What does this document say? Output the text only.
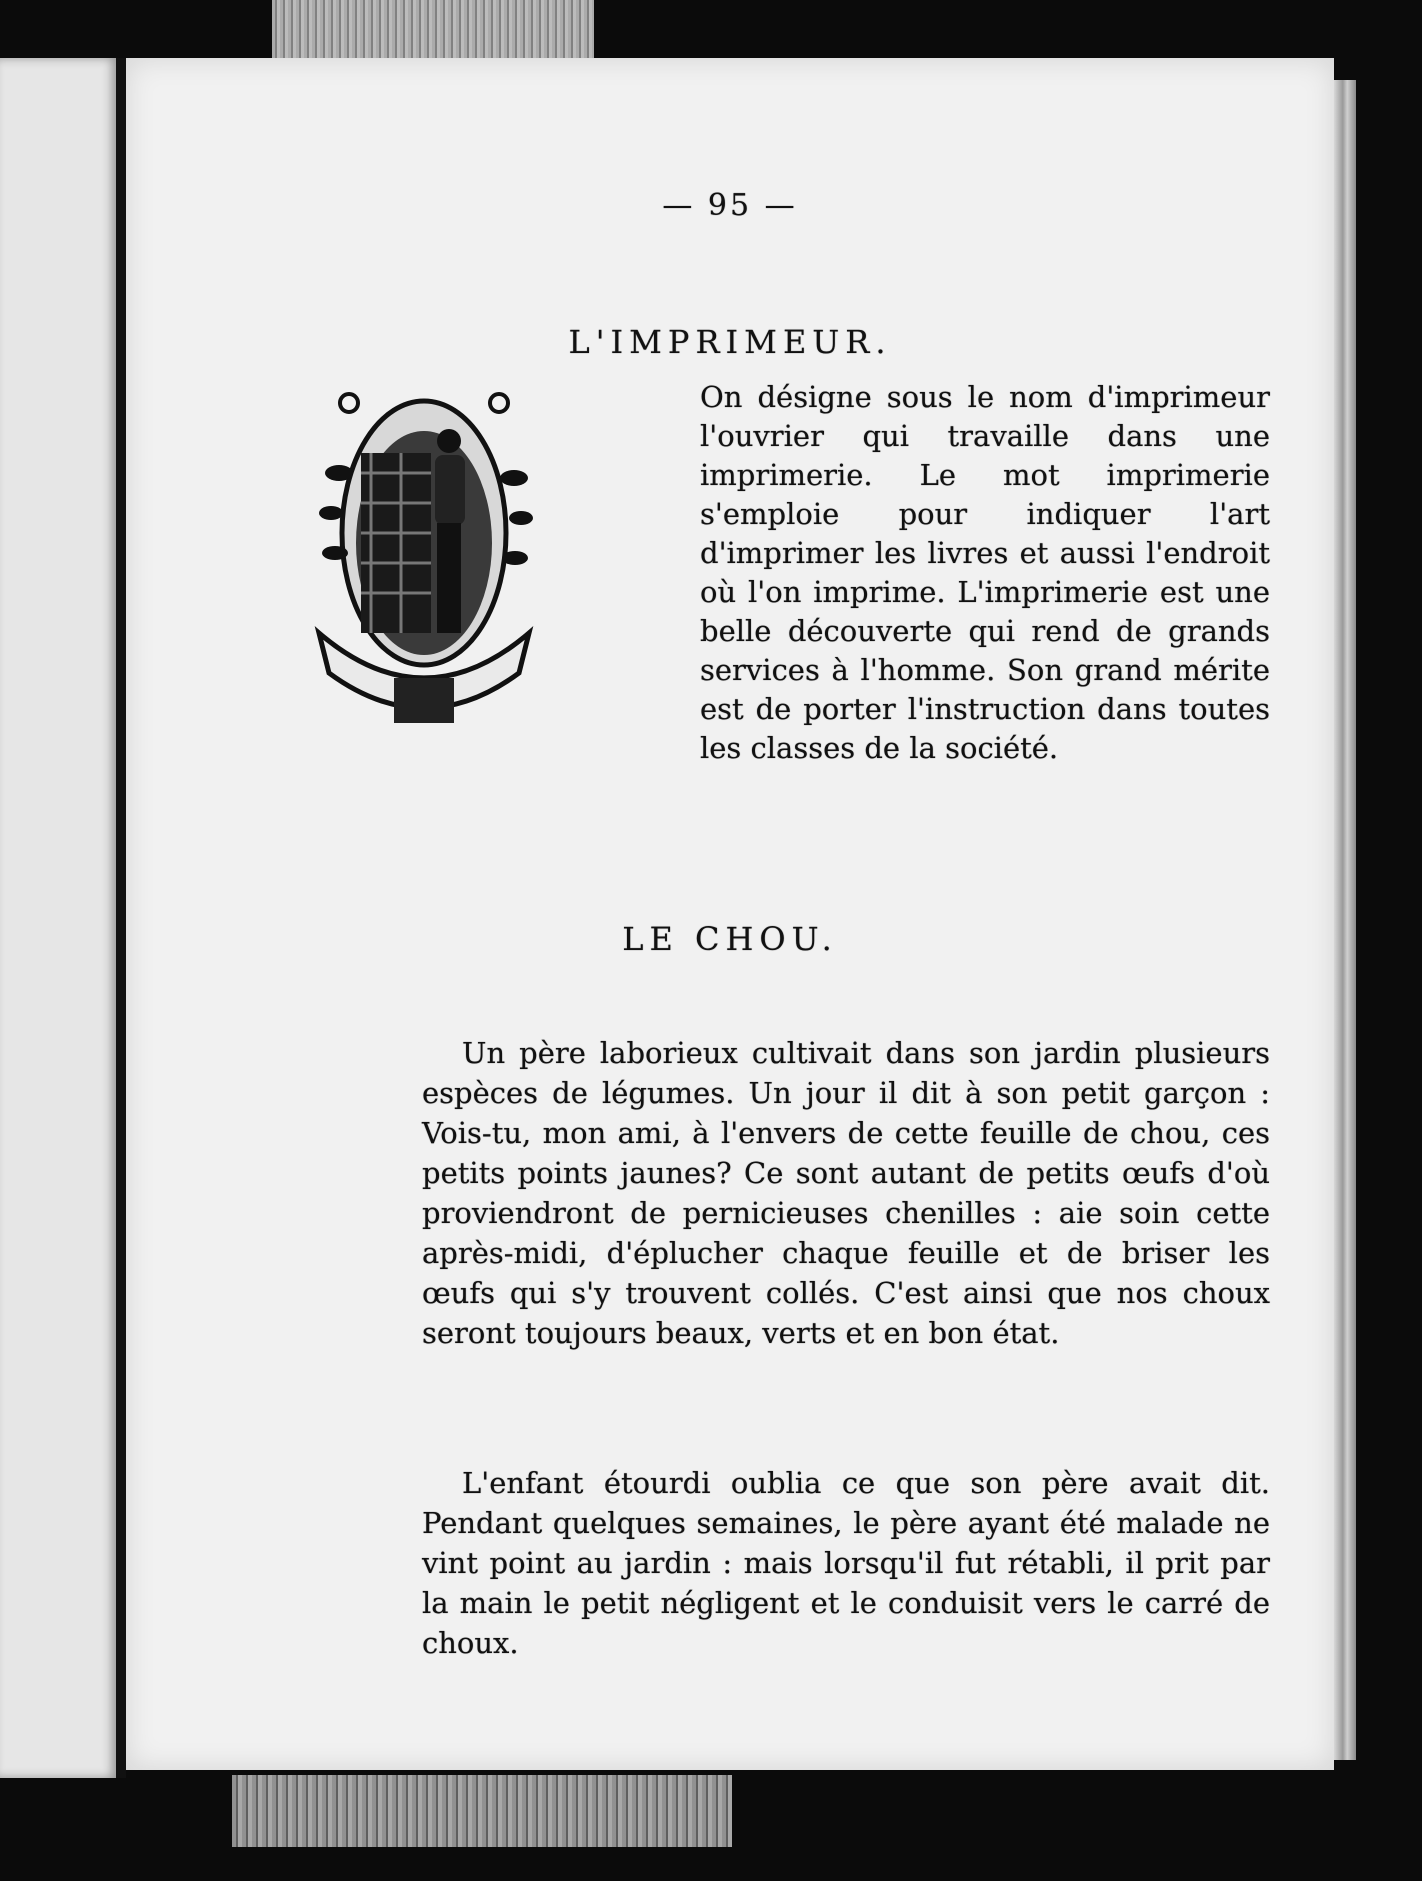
— 95 —
L'IMPRIMEUR.

On désigne sous le nom d'imprimeur l'ouvrier qui travaille dans une imprimerie. Le mot imprimerie s'emploie pour indiquer l'art d'imprimer les livres et aussi l'endroit où l'on imprime. L'imprimerie est une belle découverte qui rend de grands services à l'homme. Son grand mérite est de porter l'instruction dans toutes les classes de la société.

LE CHOU.

Un père laborieux cultivait dans son jardin plusieurs espèces de légumes. Un jour il dit à son petit garçon : Vois-tu, mon ami, à l'envers de cette feuille de chou, ces petits points jaunes? Ce sont autant de petits œufs d'où proviendront de pernicieuses chenilles : aie soin cette après-midi, d'éplucher chaque feuille et de briser les œufs qui s'y trouvent collés. C'est ainsi que nos choux seront toujours beaux, verts et en bon état.

L'enfant étourdi oublia ce que son père avait dit. Pendant quelques semaines, le père ayant été malade ne vint point au jardin : mais lorsqu'il fut rétabli, il prit par la main le petit négligent et le conduisit vers le carré de choux.
